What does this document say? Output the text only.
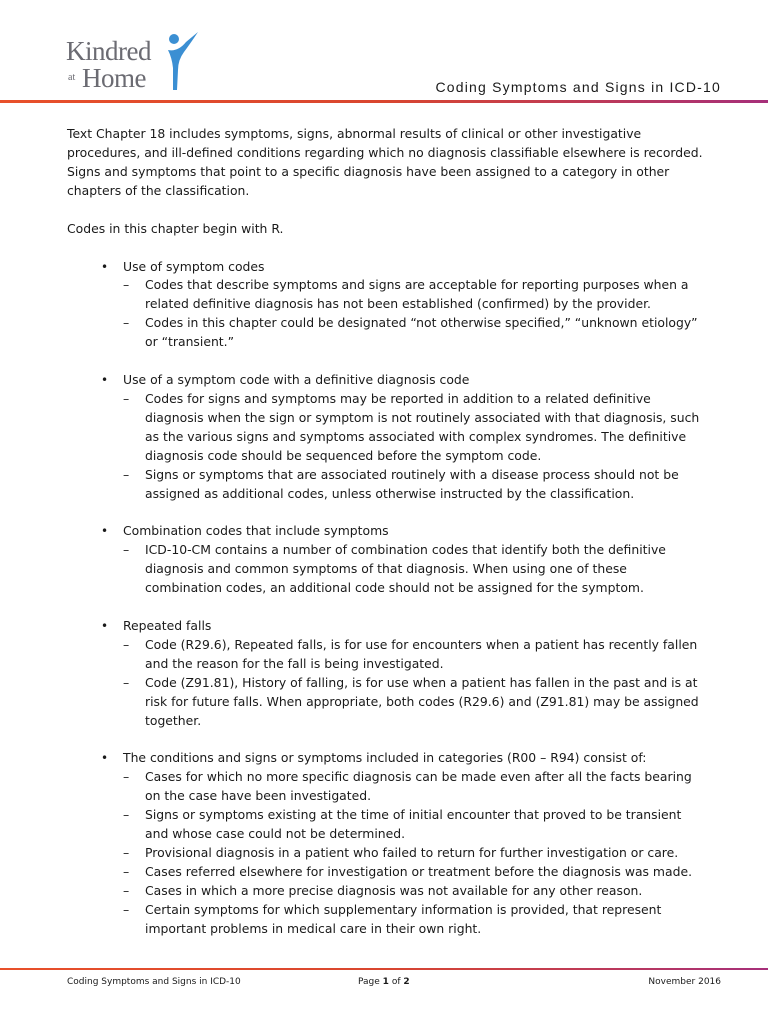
Kindred
at Home	Coding Symptoms and Signs in ICD-10

Text Chapter 18 includes symptoms, signs, abnormal results of clinical or other investigative procedures, and ill-defined conditions regarding which no diagnosis classifiable elsewhere is recorded. Signs and symptoms that point to a specific diagnosis have been assigned to a category in other chapters of the classification.

Codes in this chapter begin with R.

• Use of symptom codes
– Codes that describe symptoms and signs are acceptable for reporting purposes when a related definitive diagnosis has not been established (confirmed) by the provider.
– Codes in this chapter could be designated “not otherwise specified,” “unknown etiology” or “transient.”
• Use of a symptom code with a definitive diagnosis code
– Codes for signs and symptoms may be reported in addition to a related definitive diagnosis when the sign or symptom is not routinely associated with that diagnosis, such as the various signs and symptoms associated with complex syndromes. The definitive diagnosis code should be sequenced before the symptom code.
– Signs or symptoms that are associated routinely with a disease process should not be assigned as additional codes, unless otherwise instructed by the classification.
• Combination codes that include symptoms
– ICD-10-CM contains a number of combination codes that identify both the definitive diagnosis and common symptoms of that diagnosis. When using one of these combination codes, an additional code should not be assigned for the symptom.
• Repeated falls
– Code (R29.6), Repeated falls, is for use for encounters when a patient has recently fallen and the reason for the fall is being investigated.
– Code (Z91.81), History of falling, is for use when a patient has fallen in the past and is at risk for future falls. When appropriate, both codes (R29.6) and (Z91.81) may be assigned together.
• The conditions and signs or symptoms included in categories (R00 – R94) consist of:
– Cases for which no more specific diagnosis can be made even after all the facts bearing on the case have been investigated.
– Signs or symptoms existing at the time of initial encounter that proved to be transient and whose case could not be determined.
– Provisional diagnosis in a patient who failed to return for further investigation or care.
– Cases referred elsewhere for investigation or treatment before the diagnosis was made.
– Cases in which a more precise diagnosis was not available for any other reason.
– Certain symptoms for which supplementary information is provided, that represent important problems in medical care in their own right.
Coding Symptoms and Signs in ICD-10	Page 1 of 2	November 2016
